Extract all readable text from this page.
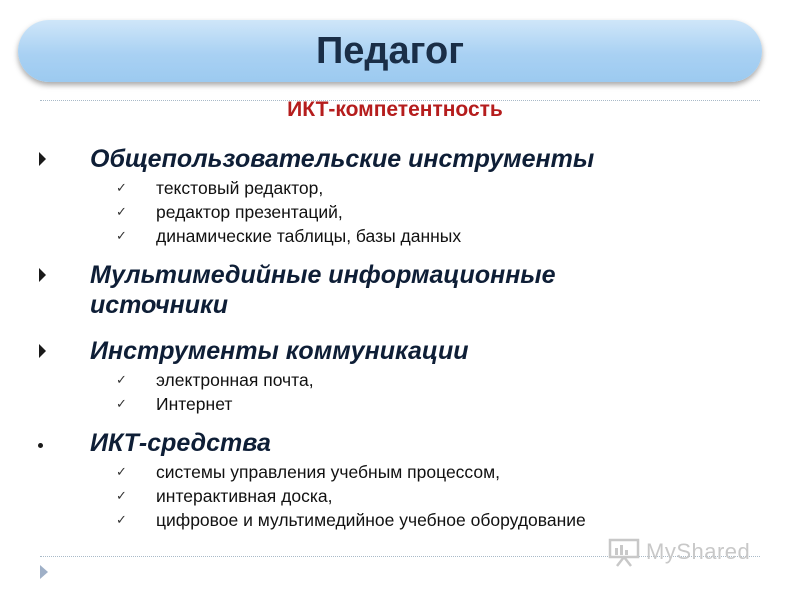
Педагог
ИКТ-компетентность
Общепользовательские инструменты
✓ текстовый редактор,
✓ редактор презентаций,
✓ динамические таблицы, базы данных
Мультимедийные информационные
источники
Инструменты коммуникации
✓ электронная почта,
✓ Интернет
ИКТ-средства
✓ системы управления учебным процессом,
✓ интерактивная доска,
✓ цифровое и мультимедийное учебное оборудование
MyShared
